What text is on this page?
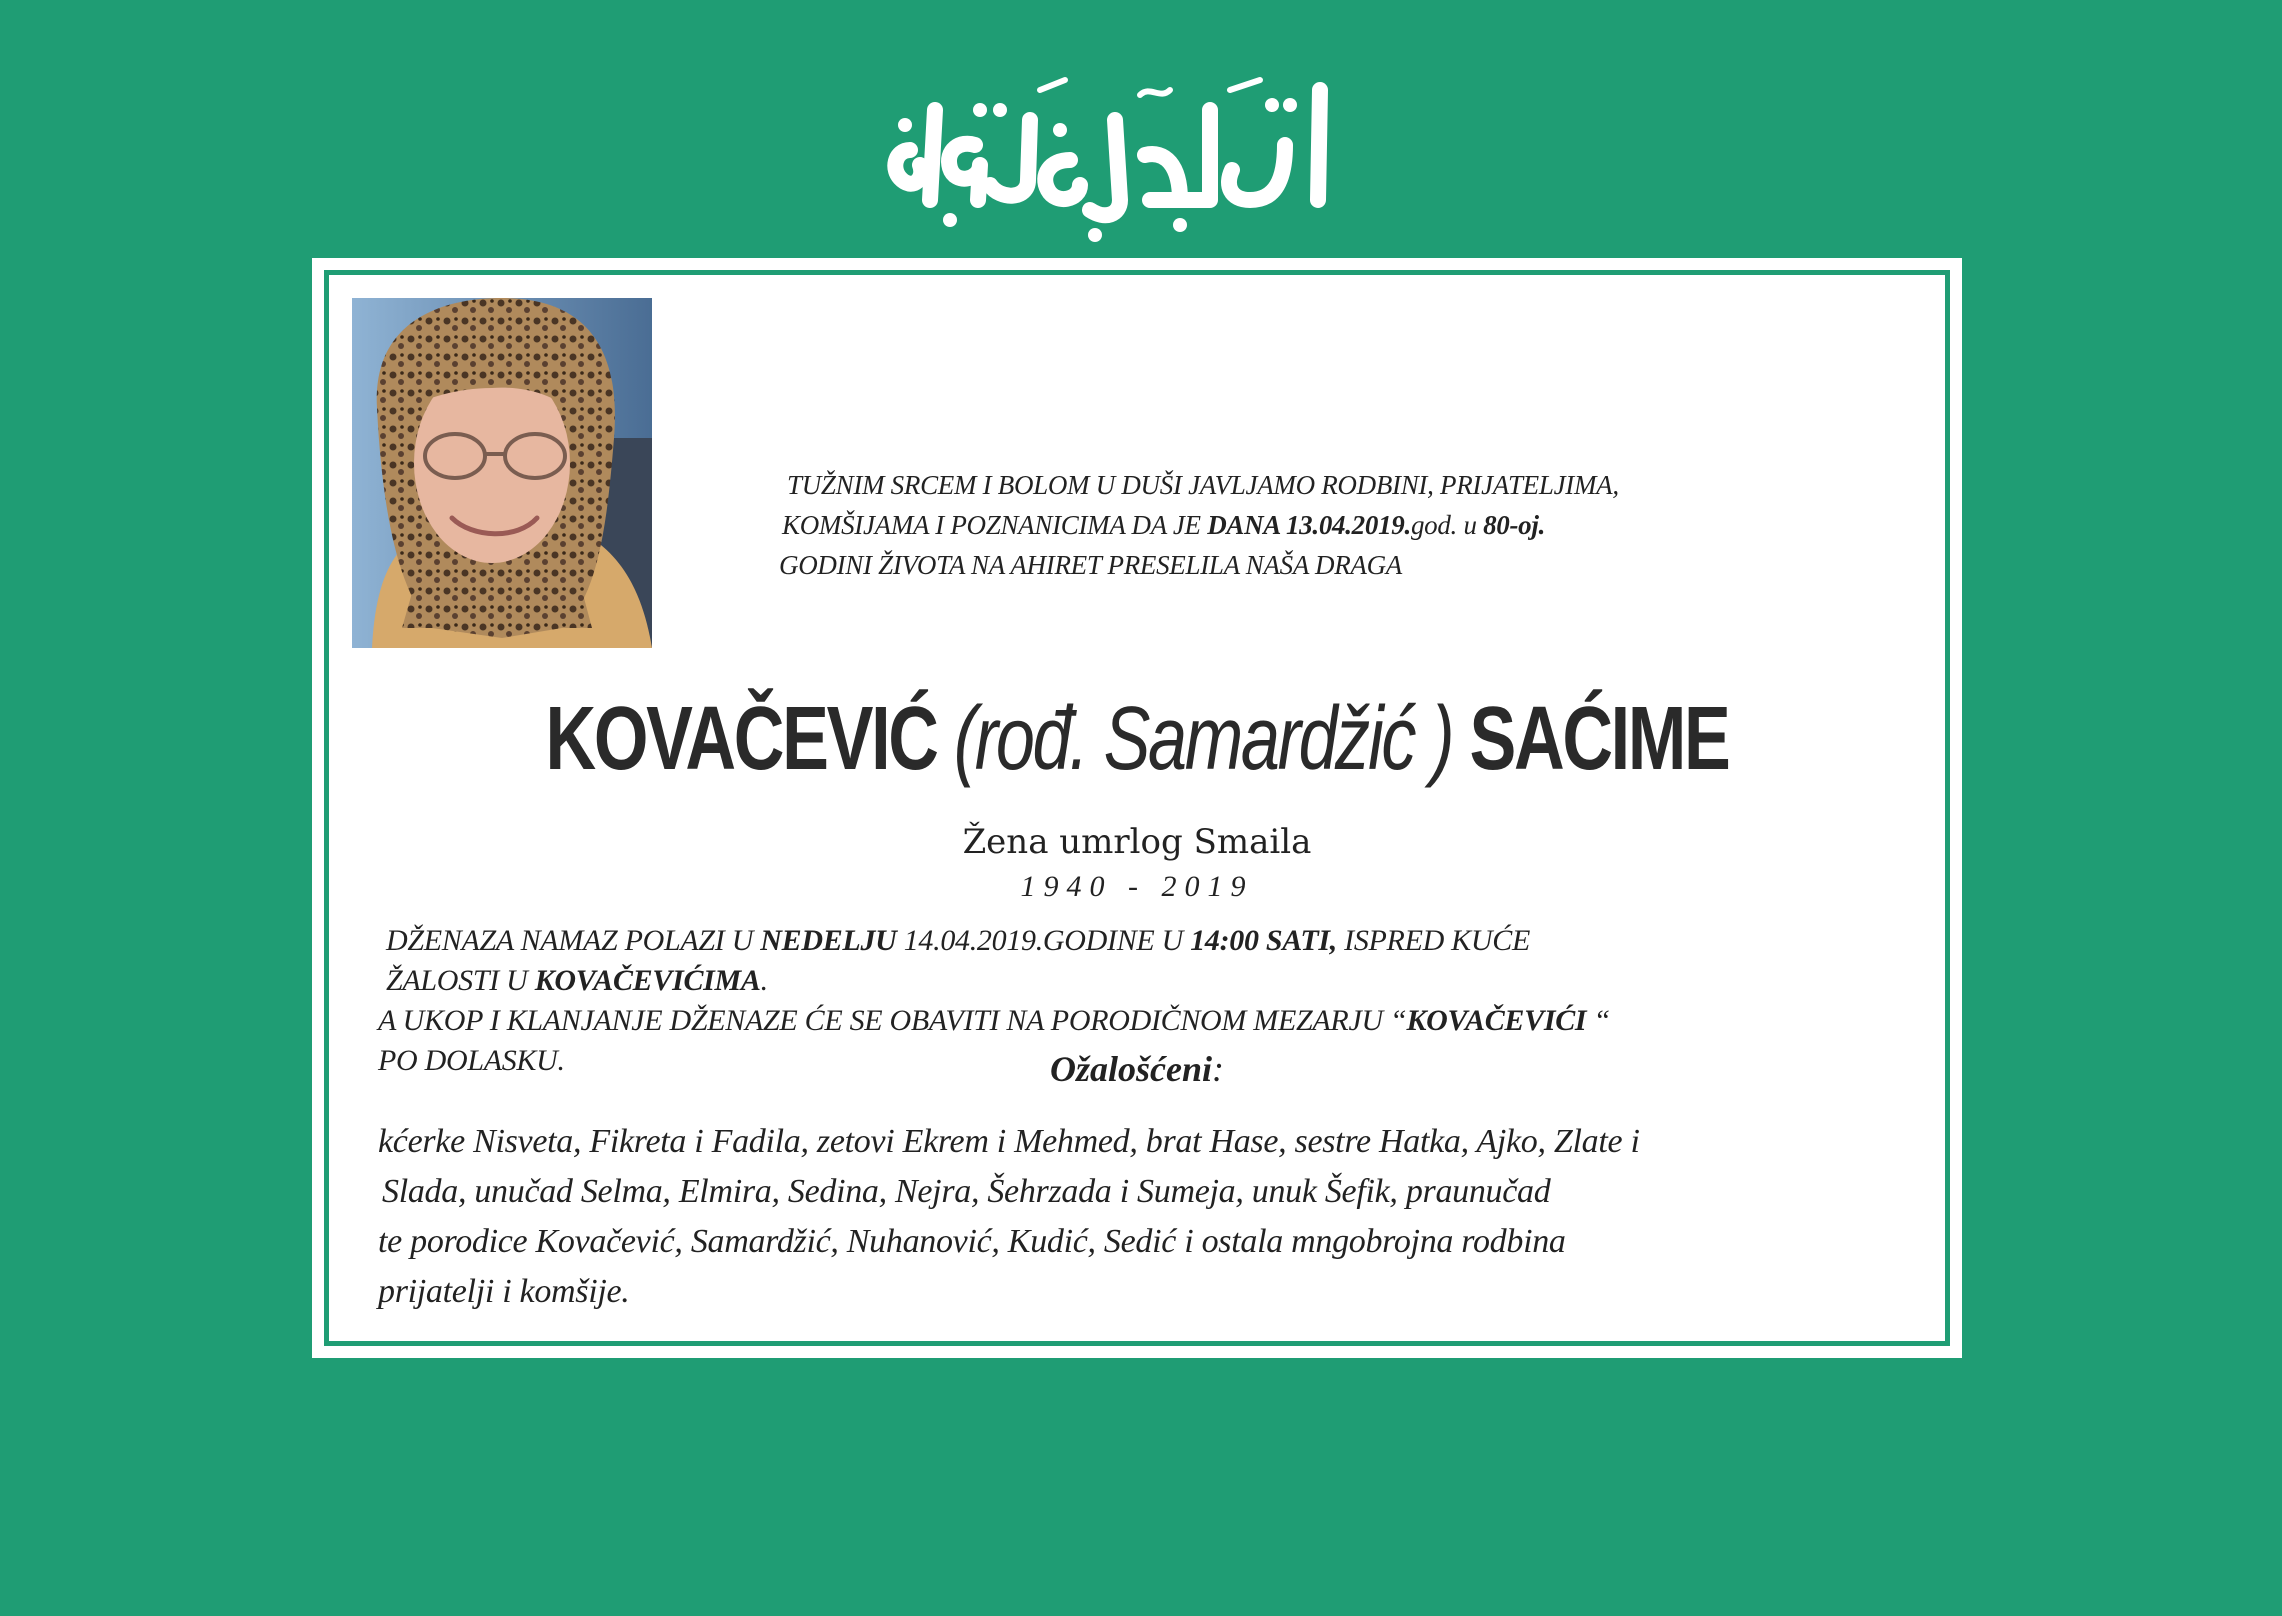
TUŽNIM SRCEM I BOLOM U DUŠI JAVLJAMO RODBINI, PRIJATELJIMA,
KOMŠIJAMA I POZNANICIMA DA JE DANA 13.04.2019.god. u 80-oj.
GODINI ŽIVOTA NA AHIRET PRESELILA NAŠA DRAGA
KOVAČEVIĆ (rođ. Samardžić ) SAĆIME
Žena umrlog Smaila
1940 - 2019
DŽENAZA NAMAZ POLAZI U NEDELJU 14.04.2019.GODINE U 14:00 SATI, ISPRED KUĆE
ŽALOSTI U KOVAČEVIĆIMA.
A UKOP I KLANJANJE DŽENAZE ĆE SE OBAVITI NA PORODIČNOM MEZARJU “KOVAČEVIĆI “
PO DOLASKU.	Ožalošćeni:
kćerke Nisveta, Fikreta i Fadila, zetovi Ekrem i Mehmed, brat Hase, sestre Hatka, Ajko, Zlate i
Slada, unučad Selma, Elmira, Sedina, Nejra, Šehrzada i Sumeja, unuk Šefik, praunučad
te porodice Kovačević, Samardžić, Nuhanović, Kudić, Sedić i ostala mngobrojna rodbina
prijatelji i komšije.
